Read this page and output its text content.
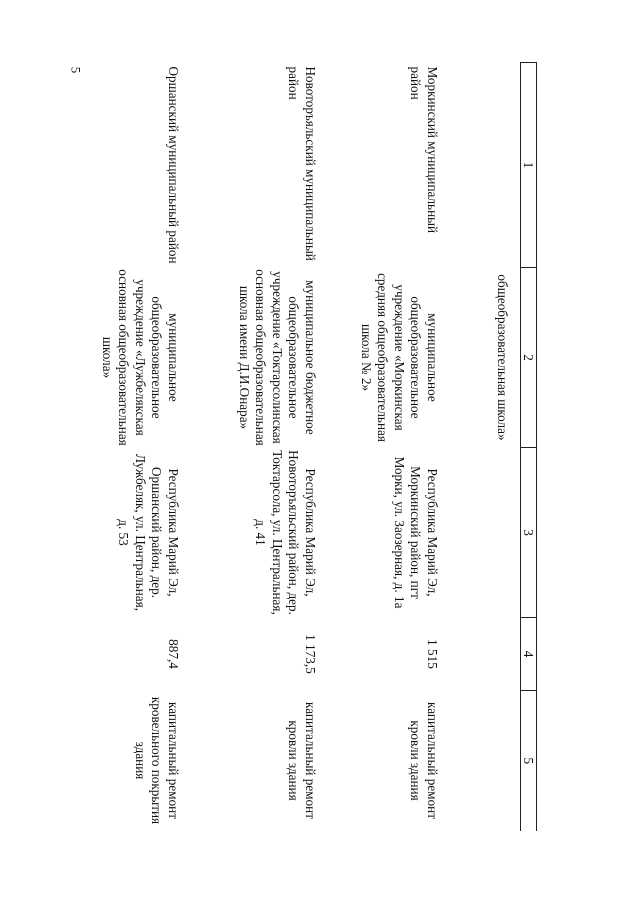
5
1	2	3	4	5
	общеобразовательная школа»			
Моркинский муниципальный район	муниципальное общеобразовательное учреждение «Моркинская средняя общеобразовательная школа № 2»	Республика Марий Эл, Моркинский район, пгт Морки, ул. Заозерная, д. 1а	1 515	капитальный ремонт кровли здания
Новоторъяльский муниципальный район	муниципальное бюджетное общеобразовательное учреждение «Токтарсолинская основная общеобразовательная школа имени Д.И.Онара»	Республика Марий Эл, Новоторъяльский район, дер. Токтарсола, ул. Центральная, д. 41	1 173,5	капитальный ремонт кровли здания
Оршанский муниципальный район	муниципальное общеобразовательное учреждение «Лужбелякская основная общеобразовательная школа»	Республика Марий Эл, Оршанский район, дер. Лужбеляк, ул. Центральная, д. 53	887,4	капитальный ремонт кровельного покрытия здания
